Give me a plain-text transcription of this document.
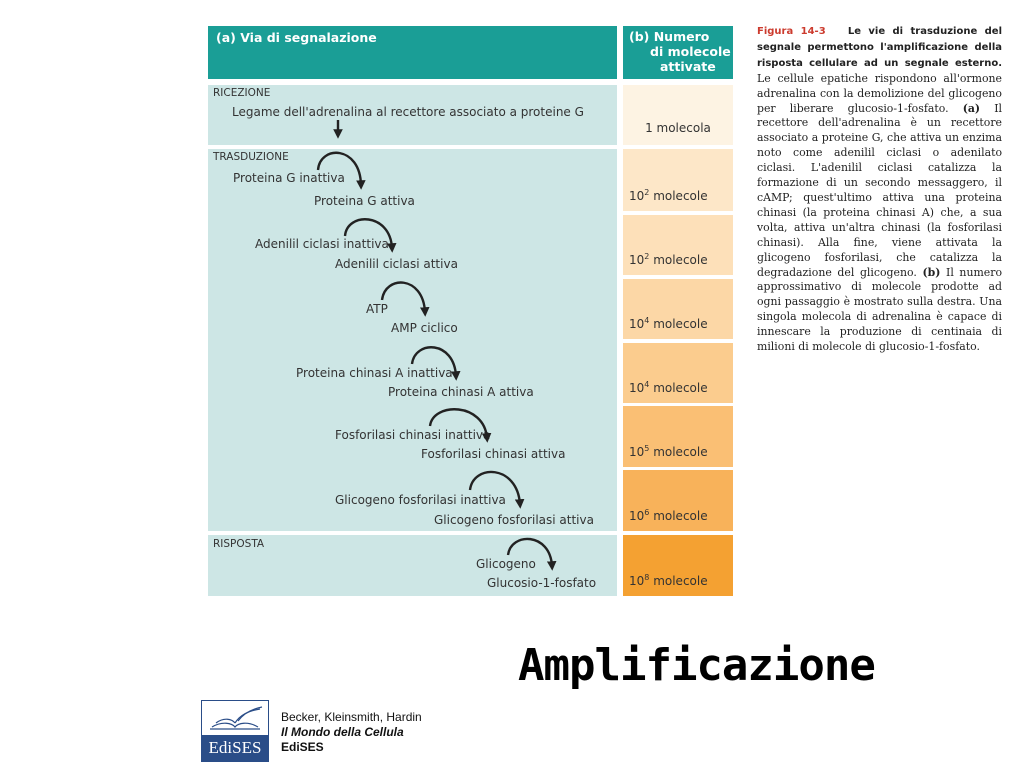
(a) Via di segnalazione	(b) Numero
di molecole
attivate
RICEZIONE
TRASDUZIONE
RISPOSTA
1 molecola
$10^2$ molecole
$10^2$ molecole
$10^4$ molecole
$10^4$ molecole
$10^5$ molecole
$10^6$ molecole
$10^8$ molecole
Legame dell'adrenalina al recettore associato a proteine G
Proteina G inattiva
Proteina G attiva
Adenilil ciclasi inattiva
Adenilil ciclasi attiva
ATP
AMP ciclico
Proteina chinasi A inattiva
Proteina chinasi A attiva
Fosforilasi chinasi inattiva
Fosforilasi chinasi attiva
Glicogeno fosforilasi inattiva
Glicogeno fosforilasi attiva
Glicogeno
Glucosio-1-fosfato
Figura 14-3 Le vie di trasduzione del segnale permettono l'amplificazione della risposta cellulare ad un segnale esterno. Le cellule epatiche rispondono all'ormone adrenalina con la demolizione del glicogeno per liberare glucosio-1-fosfato. (a) Il recettore dell'adrenalina è un recettore associato a proteine G, che attiva un enzima noto come adenilil ciclasi o adenilato ciclasi. L'adenilil ciclasi catalizza la formazione di un secondo messaggero, il cAMP; quest'ultimo attiva una proteina chinasi (la proteina chinasi A) che, a sua volta, attiva un'altra chinasi (la fosforilasi chinasi). Alla fine, viene attivata la glicogeno fosforilasi, che catalizza la degradazione del glicogeno. (b) Il numero approssimativo di molecole prodotte ad ogni passaggio è mostrato sulla destra. Una singola molecola di adrenalina è capace di innescare la produzione di centinaia di milioni di molecole di glucosio-1-fosfato.
Amplificazione
EdiSES
Becker, Kleinsmith, Hardin
Il Mondo della Cellula
EdiSES
